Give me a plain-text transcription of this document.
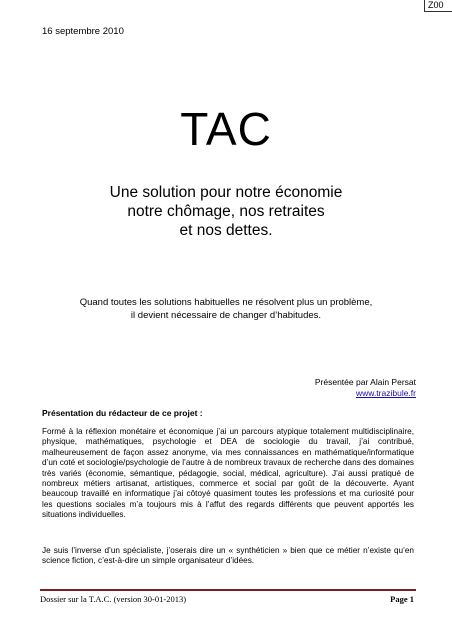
Z00
16 septembre 2010
TAC
Une solution pour notre économie
notre chômage, nos retraites
et nos dettes.
Quand toutes les solutions habituelles ne résolvent plus un problème,
il devient nécessaire de changer d’habitudes.
Présentée par Alain Persat
www.trazibule.fr
Présentation du rédacteur de ce projet :
Formé à la réflexion monétaire et économique j’ai un parcours atypique totalement multidisciplinaire, physique, mathématiques, psychologie et DEA de sociologie du travail, j’ai contribué, malheureusement de façon assez anonyme, via mes connaissances en mathématique/informatique d’un coté et sociologie/psychologie de l’autre à de nombreux travaux de recherche dans des domaines très variés (économie, sémantique, pédagogie, social, médical, agriculture). J’ai aussi pratiqué de nombreux métiers artisanat, artistiques, commerce et social par goût de la découverte. Ayant beaucoup travaillé en informatique j’ai côtoyé quasiment toutes les professions et ma curiosité pour les questions sociales m’a toujours mis à l’affut des regards différents que peuvent apportés les situations individuelles.
Je suis l’inverse d’un spécialiste, j’oserais dire un « synthéticien » bien que ce métier n’existe qu’en science fiction, c’est-à-dire un simple organisateur d’idées.
Dossier sur la T.A.C. (version 30-01-2013)	Page 1
